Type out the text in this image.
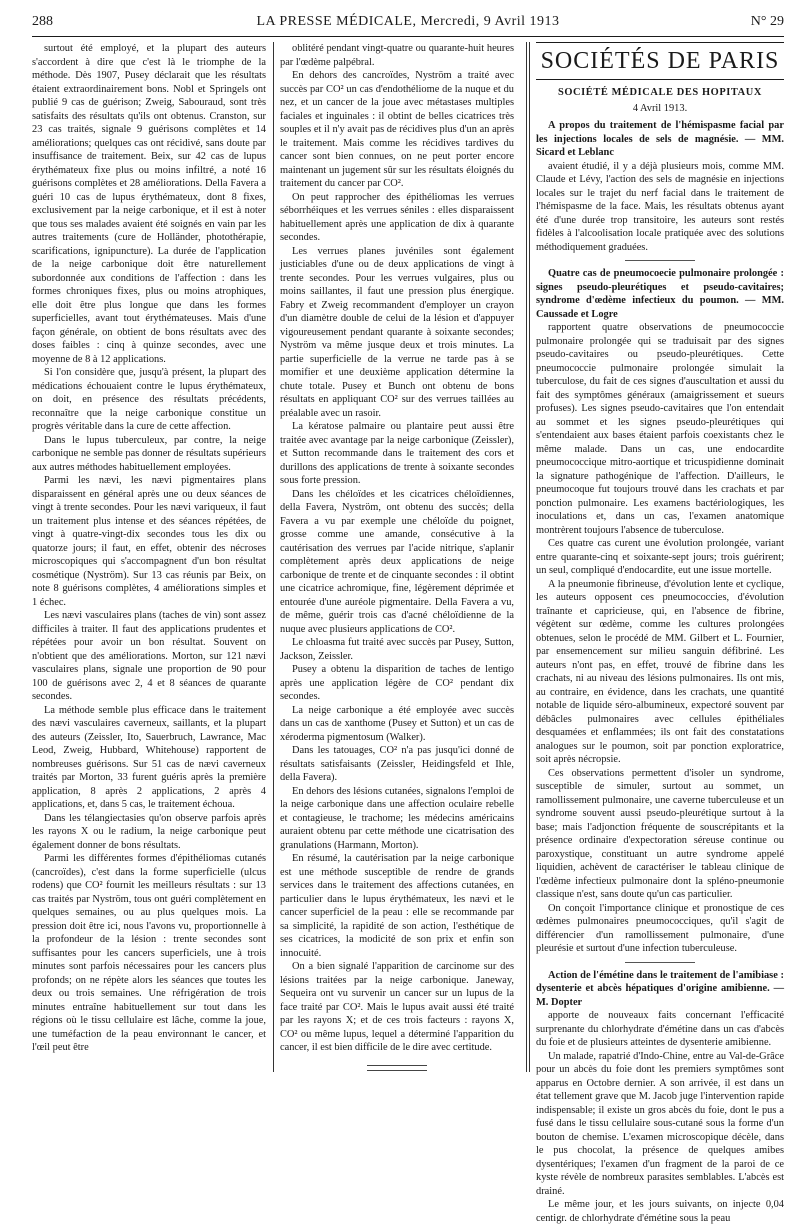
288	LA PRESSE MÉDICALE, Mercredi, 9 Avril 1913	N° 29

surtout été employé, et la plupart des auteurs s'accordent à dire que c'est là le triomphe de la méthode. Dès 1907, Pusey déclarait que les résultats étaient extraordinairement bons. Nobl et Springels ont publié 9 cas de guérison; Zweig, Sabouraud, sont très satisfaits des résultats qu'ils ont obtenus. Cranston, sur 23 cas traités, signale 9 guérisons complètes et 14 améliorations; quelques cas ont récidivé, sans doute par insuffisance de traitement. Beix, sur 42 cas de lupus érythémateux fixe plus ou moins infiltré, a noté 16 guérisons complètes et 28 améliorations. Della Favera a guéri 10 cas de lupus érythémateux, dont 8 fixes, exclusivement par la neige carbonique, et il est à noter que tous ses malades avaient été soignés en vain par les autres traitements (cure de Holländer, photothérapie, scarifications, ignipuncture). La durée de l'application de la neige carbonique doit être naturellement subordonnée aux conditions de l'affection : dans les formes chroniques fixes, plus ou moins atrophiques, elle doit être plus longue que dans les formes superficielles, avant tout érythémateuses. Mais d'une façon générale, on obtient de bons résultats avec des doses faibles : cinq à quinze secondes, avec une moyenne de 8 à 12 applications.

Si l'on considère que, jusqu'à présent, la plupart des médications échouaient contre le lupus érythémateux, on doit, en présence des résultats précédents, reconnaître que la neige carbonique constitue un progrès véritable dans la cure de cette affection.

Dans le lupus tuberculeux, par contre, la neige carbonique ne semble pas donner de résultats supérieurs aux autres méthodes habituellement employées.

Parmi les nævi, les nævi pigmentaires plans disparaissent en général après une ou deux séances de vingt à trente secondes. Pour les nævi variqueux, il faut un traitement plus intense et des séances répétées, de vingt à quatre-vingt-dix secondes tous les dix ou quatorze jours; il faut, en effet, obtenir des nécroses microscopiques qui s'accompagnent d'un bon résultat cosmétique (Nyström). Sur 13 cas réunis par Beix, on note 8 guérisons complètes, 4 améliorations simples et 1 échec.

Les nævi vasculaires plans (taches de vin) sont assez difficiles à traiter. Il faut des applications prudentes et répétées pour avoir un bon résultat. Souvent on n'obtient que des améliorations. Morton, sur 121 nævi vasculaires plans, signale une proportion de 90 pour 100 de guérisons avec 2, 4 et 8 séances de quarante secondes.

La méthode semble plus efficace dans le traitement des nævi vasculaires caverneux, saillants, et la plupart des auteurs (Zeissler, Ito, Sauerbruch, Lawrance, Mac Leod, Zweig, Hubbard, Whitehouse) rapportent de nombreuses guérisons. Sur 51 cas de nævi caverneux traités par Morton, 33 furent guéris après la première application, 8 après 2 applications, 2 après 4 applications, et, dans 5 cas, le traitement échoua.

Dans les télangiectasies qu'on observe parfois après les rayons X ou le radium, la neige carbonique peut également donner de bons résultats.

Parmi les différentes formes d'épithéliomas cutanés (cancroïdes), c'est dans la forme superficielle (ulcus rodens) que CO² fournit les meilleurs résultats : sur 13 cas traités par Nyström, tous ont guéri complètement en quelques semaines, ou au plus quelques mois. La pression doit être ici, nous l'avons vu, proportionnelle à la profondeur de la lésion : trente secondes sont suffisantes pour les cancers superficiels, une à trois minutes sont parfois nécessaires pour les cancers plus profonds; on ne répète alors les séances que toutes les deux ou trois semaines. Une réfrigération de trois minutes entraîne habituellement sur tout dans les régions où le tissu cellulaire est lâche, comme la joue, une tuméfaction de la peau environnant le cancer, et l'œil peut être

oblitéré pendant vingt-quatre ou quarante-huit heures par l'œdème palpébral.

En dehors des cancroïdes, Nyström a traité avec succès par CO² un cas d'endothéliome de la nuque et du nez, et un cancer de la joue avec métastases multiples faciales et inguinales : il obtint de belles cicatrices très souples et il n'y avait pas de récidives plus d'un an après le traitement. Mais comme les récidives tardives du cancer sont bien connues, on ne peut porter encore maintenant un jugement sûr sur les résultats éloignés du traitement du cancer par CO².

On peut rapprocher des épithéliomas les verrues séborrhéiques et les verrues séniles : elles disparaissent habituellement après une application de dix à quarante secondes.

Les verrues planes juvéniles sont également justiciables d'une ou de deux applications de vingt à trente secondes. Pour les verrues vulgaires, plus ou moins saillantes, il faut une pression plus énergique. Fabry et Zweig recommandent d'employer un crayon d'un diamètre double de celui de la lésion et d'appuyer vigoureusement pendant quarante à soixante secondes; Nyström va même jusque deux et trois minutes. La partie superficielle de la verrue ne tarde pas à se momifier et une deuxième application détermine la chute totale. Pusey et Bunch ont obtenu de bons résultats en appliquant CO² sur des verrues taillées au préalable avec un rasoir.

La kératose palmaire ou plantaire peut aussi être traitée avec avantage par la neige carbonique (Zeissler), et Sutton recommande dans le traitement des cors et durillons des applications de trente à soixante secondes sous forte pression.

Dans les chéloïdes et les cicatrices chéloïdiennes, della Favera, Nyström, ont obtenu des succès; della Favera a vu par exemple une chéloïde du poignet, grosse comme une amande, consécutive à la cautérisation des verrues par l'acide nitrique, s'aplanir complètement après deux applications de neige carbonique de trente et de cinquante secondes : il obtint une cicatrice achromique, fine, légèrement déprimée et entourée d'une auréole pigmentaire. Della Favera a vu, de même, guérir trois cas d'acné chéloïdienne de la nuque avec plusieurs applications de CO².

Le chloasma fut traité avec succès par Pusey, Sutton, Jackson, Zeissler.

Pusey a obtenu la disparition de taches de lentigo après une application légère de CO² pendant dix secondes.

La neige carbonique a été employée avec succès dans un cas de xanthome (Pusey et Sutton) et un cas de xéroderma pigmentosum (Walker).

Dans les tatouages, CO² n'a pas jusqu'ici donné de résultats satisfaisants (Zeissler, Heidingsfeld et Ihle, della Favera).

En dehors des lésions cutanées, signalons l'emploi de la neige carbonique dans une affection oculaire rebelle et contagieuse, le trachome; les médecins américains auraient obtenu par cette méthode une cicatrisation des granulations (Harmann, Morton).

En résumé, la cautérisation par la neige carbonique est une méthode susceptible de rendre de grands services dans le traitement des affections cutanées, en particulier dans le lupus érythémateux, les nævi et le cancer superficiel de la peau : elle se recommande par sa simplicité, la rapidité de son action, l'esthétique de ses cicatrices, la modicité de son prix et enfin son innocuité.

On a bien signalé l'apparition de carcinome sur des lésions traitées par la neige carbonique. Janeway, Sequeira ont vu survenir un cancer sur un lupus de la face traité par CO². Mais le lupus avait aussi été traité par les rayons X; et de ces trois facteurs : rayons X, CO² ou même lupus, lequel a déterminé l'apparition du cancer, il est bien difficile de le dire avec certitude.

SOCIÉTÉS DE PARIS
SOCIÉTÉ MÉDICALE DES HOPITAUX
4 Avril 1913.

A propos du traitement de l'hémispasme facial par les injections locales de sels de magnésie. — MM. Sicard et Leblanc

avaient étudié, il y a déjà plusieurs mois, comme MM. Claude et Lévy, l'action des sels de magnésie en injections locales sur le trajet du nerf facial dans le traitement de l'hémispasme de la face. Mais, les résultats obtenus ayant été d'une durée trop transitoire, les auteurs sont restés fidèles à l'alcoolisation locale pratiquée avec des solutions méthodiquement graduées.

Quatre cas de pneumocoecie pulmonaire prolongée : signes pseudo-pleurétiques et pseudo-cavitaires; syndrome d'œdème infectieux du poumon. — MM. Caussade et Logre

rapportent quatre observations de pneumococcie pulmonaire prolongée qui se traduisait par des signes pseudo-cavitaires ou pseudo-pleurétiques. Cette pneumococcie pulmonaire prolongée simulait la tuberculose, du fait de ces signes d'auscultation et aussi du fait des symptômes généraux (amaigrissement et sueurs profuses). Les signes pseudo-cavitaires que l'on entendait au sommet et les signes pseudo-pleurétiques qui s'entendaient aux bases étaient parfois coexistants chez le même malade. Dans un cas, une endocardite pneumococcique mitro-aortique et tricuspidienne dominait la signature pathogénique de l'affection. D'ailleurs, le pneumocoque fut toujours trouvé dans les crachats et par ponction pulmonaire. Les examens bactériologiques, les inoculations et, dans un cas, l'examen anatomique montrèrent toujours l'absence de tuberculose.

Ces quatre cas curent une évolution prolongée, variant entre quarante-cinq et soixante-sept jours; trois guérirent; un seul, compliqué d'endocardite, eut une issue mortelle.

A la pneumonie fibrineuse, d'évolution lente et cyclique, les auteurs opposent ces pneumococcies, d'évolution traînante et capricieuse, qui, en l'absence de fibrine, végètent sur œdème, comme les cultures prolongées obtenues, selon le procédé de MM. Gilbert et L. Fournier, par ensemencement sur milieu sanguin défibriné. Les auteurs n'ont pas, en effet, trouvé de fibrine dans les crachats, ni au niveau des lésions pulmonaires. Ils ont mis, au contraire, en évidence, dans les crachats, une quantité notable de liquide séro-albumineux, expectoré souvent par débâcles pulmonaires avec cellules épithéliales desquamées et enflammées; ils ont fait des constatations analogues sur le poumon, soit par ponction exploratrice, soit après nécropsie.

Ces observations permettent d'isoler un syndrome, susceptible de simuler, surtout au sommet, un ramollissement pulmonaire, une caverne tuberculeuse et un syndrome souvent aussi pseudo-pleurétique surtout à la base; mais l'adjonction fréquente de souscrépitants et la présence ordinaire d'expectoration séreuse continue ou paroxystique, constituant un autre syndrome appelé liquidien, achèvent de caractériser le tableau clinique de l'œdème infectieux pulmonaire dont la spléno-pneumonie classique n'est, sans doute qu'un cas particulier.

On conçoit l'importance clinique et pronostique de ces œdèmes pulmonaires pneumococciques, qu'il s'agit de différencier d'un ramollissement pulmonaire, d'une pleurésie et surtout d'une infection tuberculeuse.

Action de l'émétine dans le traitement de l'amibiase : dysenterie et abcès hépatiques d'origine amibienne. — M. Dopter

apporte de nouveaux faits concernant l'efficacité surprenante du chlorhydrate d'émétine dans un cas d'abcès du foie et de plusieurs atteintes de dysenterie amibienne.

Un malade, rapatrié d'Indo-Chine, entre au Val-de-Grâce pour un abcès du foie dont les premiers symptômes sont apparus en Octobre dernier. A son arrivée, il est dans un état tellement grave que M. Jacob juge l'intervention rapide indispensable; il existe un gros abcès du foie, dont le pus a fusé dans le tissu cellulaire sous-cutané sous la forme d'un bouton de chemise. L'examen microscopique décèle, dans le pus chocolat, la présence de quelques amibes dysentériques; l'examen d'un fragment de la paroi de ce kyste révèle de nombreux parasites semblables. L'abcès est drainé.

Le même jour, et les jours suivants, on injecte 0,04 centigr. de chlorhydrate d'émétine sous la peau
